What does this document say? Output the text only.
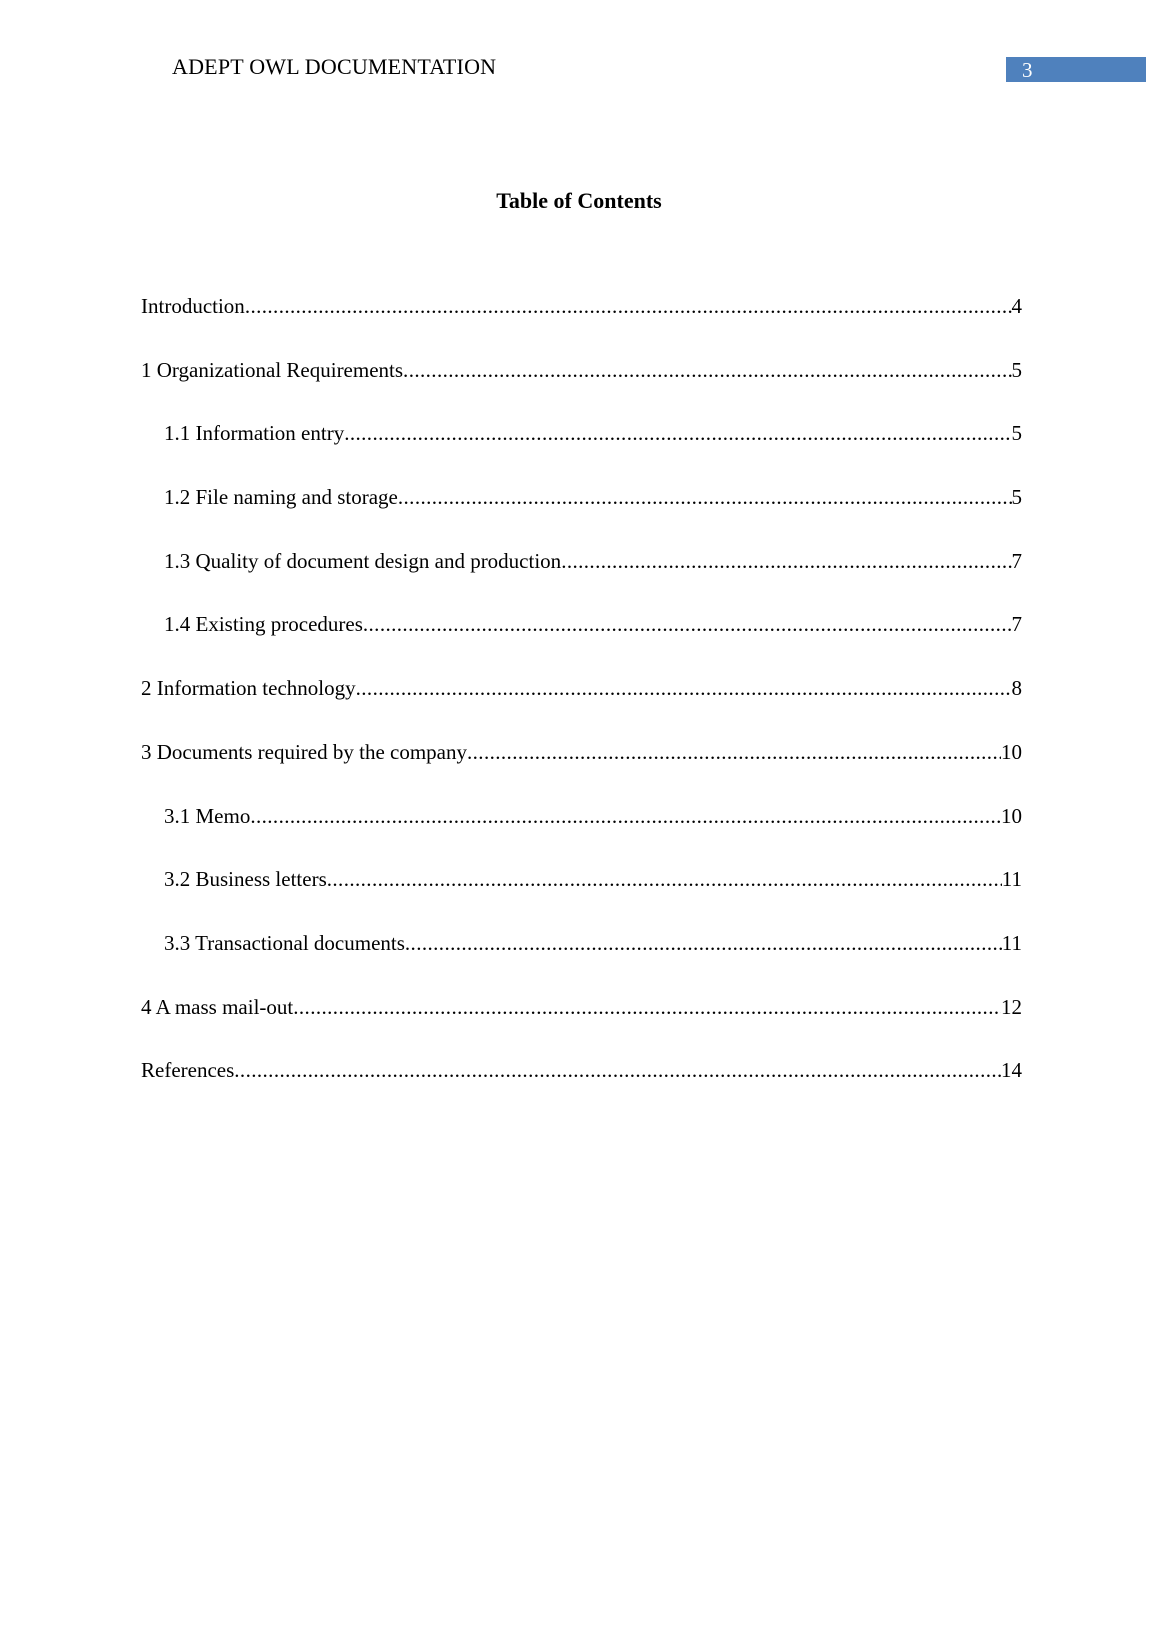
ADEPT OWL DOCUMENTATION	3
Table of Contents
Introduction .....	4
1 Organizational Requirements .....	5
1.1 Information entry .....	5
1.2 File naming and storage .....	5
1.3 Quality of document design and production .....	7
1.4 Existing procedures .....	7
2 Information technology .....	8
3 Documents required by the company .....	10
3.1 Memo .....	10
3.2 Business letters .....	11
3.3 Transactional documents .....	11
4 A mass mail-out .....	12
References .....	14
